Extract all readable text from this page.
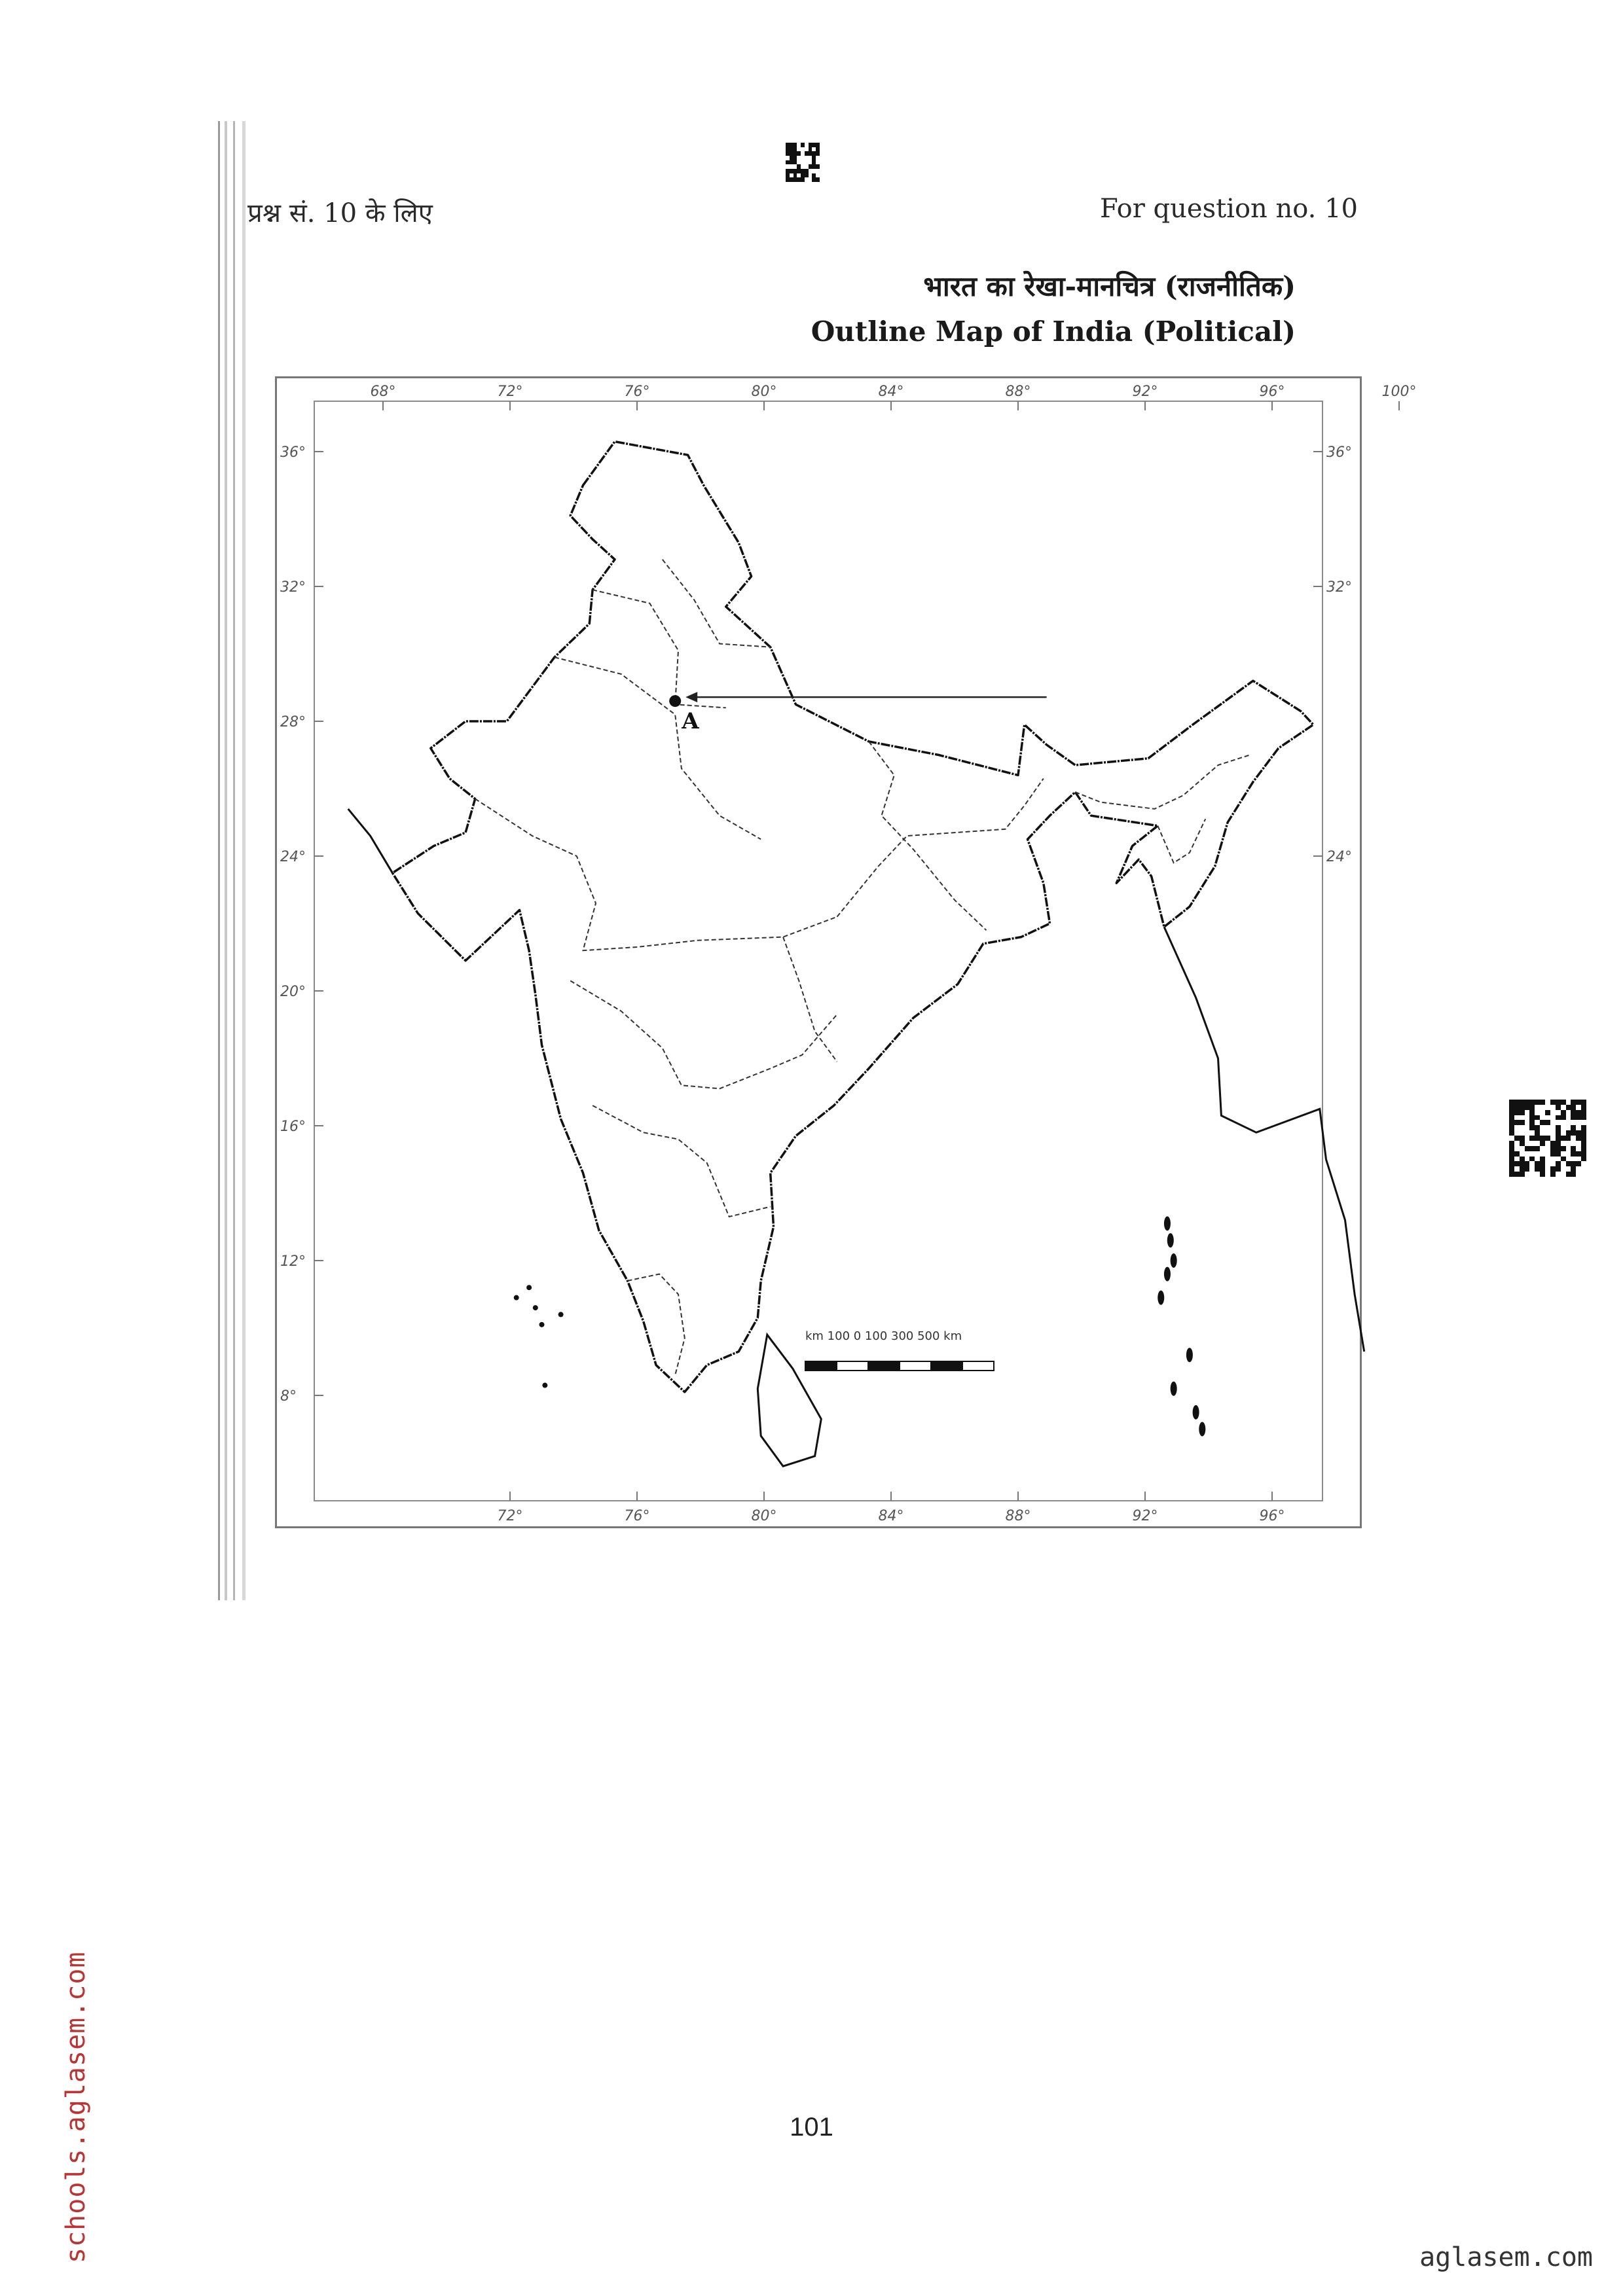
प्रश्न सं. 10 के लिए	For question no. 10
भारत का रेखा-मानचित्र (राजनीतिक)
Outline Map of India (Political)
68°	72°	76°	80°	84°	88°	92°	96°	100°
72°	76°	80°	84°	88°	92°	96°
36°
32°
28°
24°
20°
16°
12°
8°
36°
32°
24°
A
km 100 0 100 300 500 km
101
schools.aglasem.com	aglasem.com
